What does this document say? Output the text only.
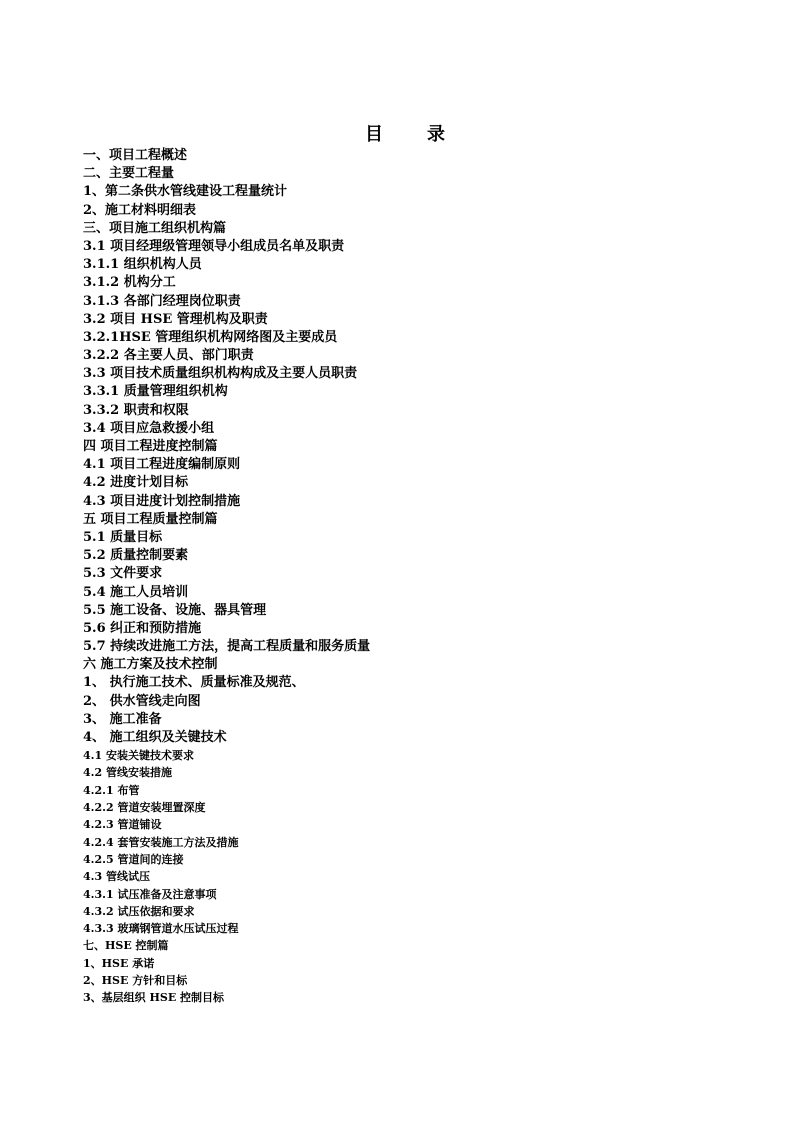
目 录
一、项目工程概述
二、主要工程量
1、第二条供水管线建设工程量统计
2、施工材料明细表
三、项目施工组织机构篇
3.1 项目经理级管理领导小组成员名单及职责
3.1.1 组织机构人员
3.1.2 机构分工
3.1.3 各部门经理岗位职责
3.2 项目 HSE 管理机构及职责
3.2.1HSE 管理组织机构网络图及主要成员
3.2.2 各主要人员、部门职责
3.3 项目技术质量组织机构构成及主要人员职责
3.3.1 质量管理组织机构
3.3.2 职责和权限
3.4 项目应急救援小组
四 项目工程进度控制篇
4.1 项目工程进度编制原则
4.2 进度计划目标
4.3 项目进度计划控制措施
五 项目工程质量控制篇
5.1 质量目标
5.2 质量控制要素
5.3 文件要求
5.4 施工人员培训
5.5 施工设备、设施、器具管理
5.6 纠正和预防措施
5.7 持续改进施工方法，提高工程质量和服务质量
六 施工方案及技术控制
1、 执行施工技术、质量标准及规范、
2、 供水管线走向图
3、 施工准备
4、 施工组织及关键技术
4.1 安装关键技术要求
4.2 管线安装措施
4.2.1 布管
4.2.2 管道安装埋置深度
4.2.3 管道铺设
4.2.4 套管安装施工方法及措施
4.2.5 管道间的连接
4.3 管线试压
4.3.1 试压准备及注意事项
4.3.2 试压依据和要求
4.3.3 玻璃钢管道水压试压过程
七、HSE 控制篇
1、HSE 承诺
2、HSE 方针和目标
3、基层组织 HSE 控制目标
